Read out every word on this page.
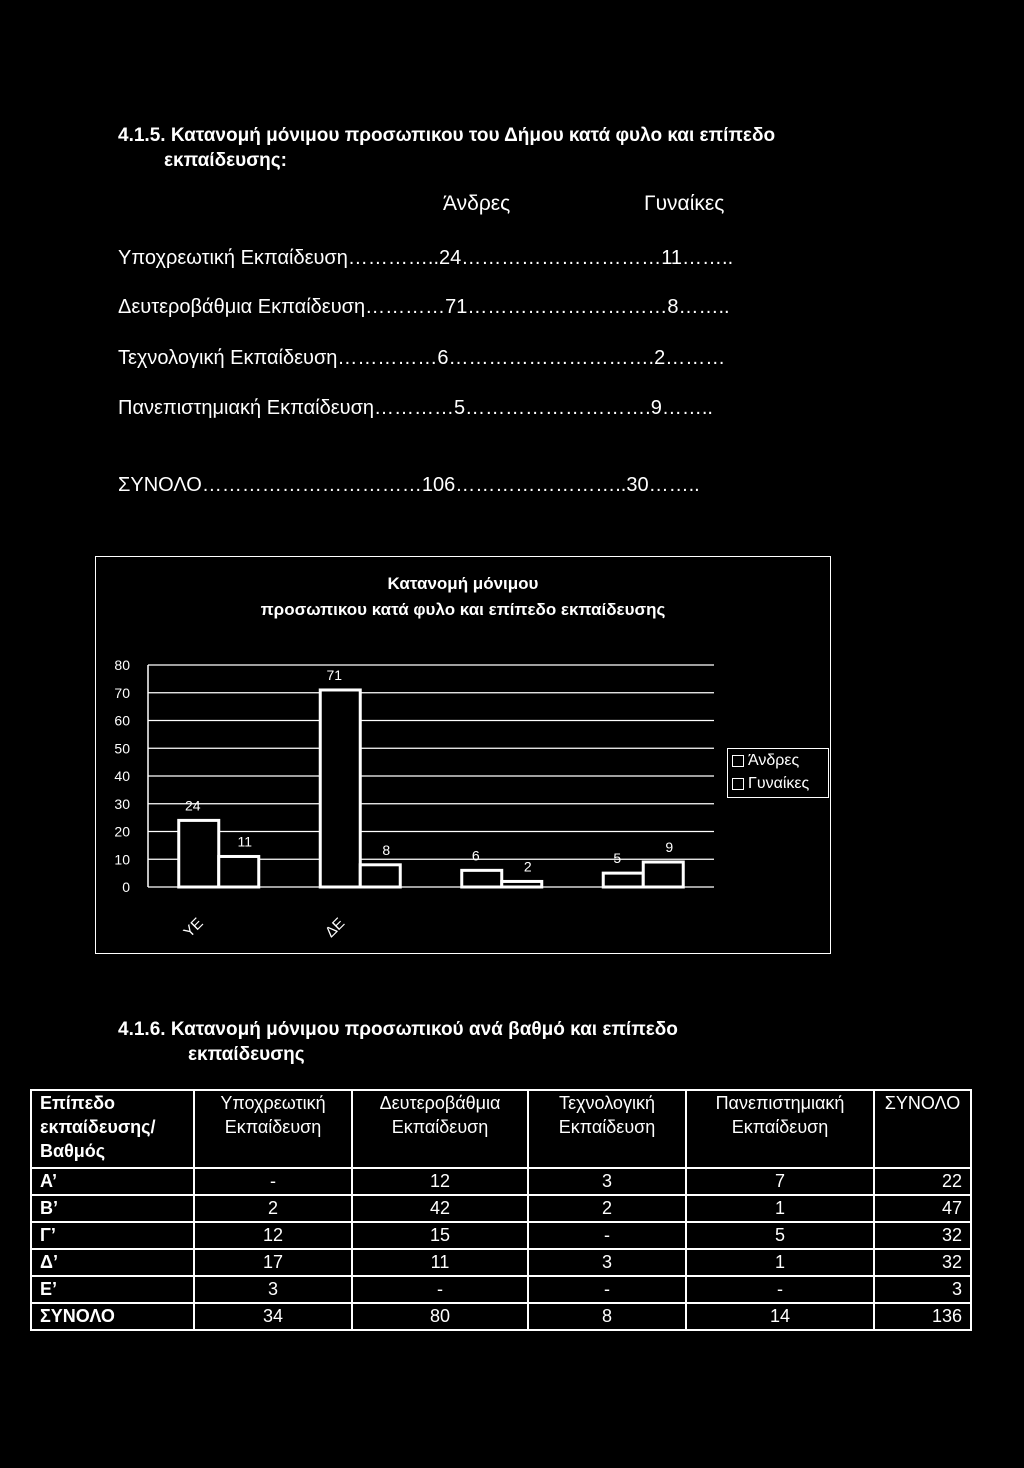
4.1.5. Κατανομή μόνιμου προσωπικου του Δήμου κατά φυλο και επίπεδο
εκπαίδευσης:
Άνδρες	Γυναίκες
Υποχρεωτική Εκπαίδευση…………..24…………………………11……..
Δευτεροβάθμια Εκπαίδευση…………71…………………………8……..
Τεχνολογική Εκπαίδευση……………6………………………….2………
Πανεπιστημιακή Εκπαίδευση…………5……………………….9……..
ΣΥΝΟΛΟ……………………………106……………………..30……..
Κατανομή μόνιμου προσωπικου κατά φυλο και επίπεδο εκπαίδευσης
0
10
20
30
40
50
60
70
80
24
11
ΥΕ
71
8
ΔΕ
6
2
5
9
Άνδρες
Γυναίκες
4.1.6. Κατανομή μόνιμου προσωπικού ανά βαθμό και επίπεδο
εκπαίδευσης
Επίπεδο εκπαίδευσης/ Βαθμός	Υποχρεωτική Εκπαίδευση	Δευτεροβάθμια Εκπαίδευση	Τεχνολογική Εκπαίδευση	Πανεπιστημιακή Εκπαίδευση	ΣΥΝΟΛΟ
Α’	-	12	3	7	22
Β’	2	42	2	1	47
Γ’	12	15	-	5	32
Δ’	17	11	3	1	32
Ε’	3	-	-	-	3
ΣΥΝΟΛΟ	34	80	8	14	136
